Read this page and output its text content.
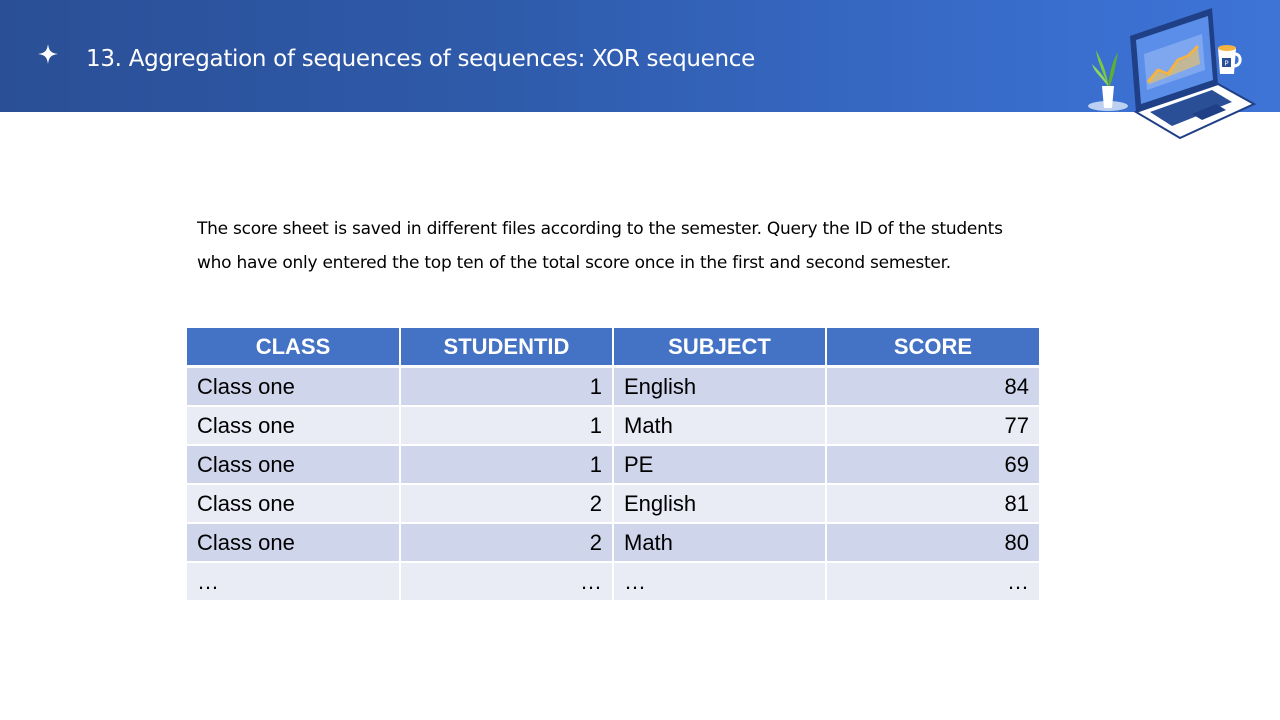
13. Aggregation of sequences of sequences: XOR sequence	P

The score sheet is saved in different files according to the semester. Query the ID of the students

who have only entered the top ten of the total score once in the first and second semester.

CLASS	STUDENTID	SUBJECT	SCORE
Class one	1	English	84
Class one	1	Math	77
Class one	1	PE	69
Class one	2	English	81
Class one	2	Math	80
…	…	…	…
